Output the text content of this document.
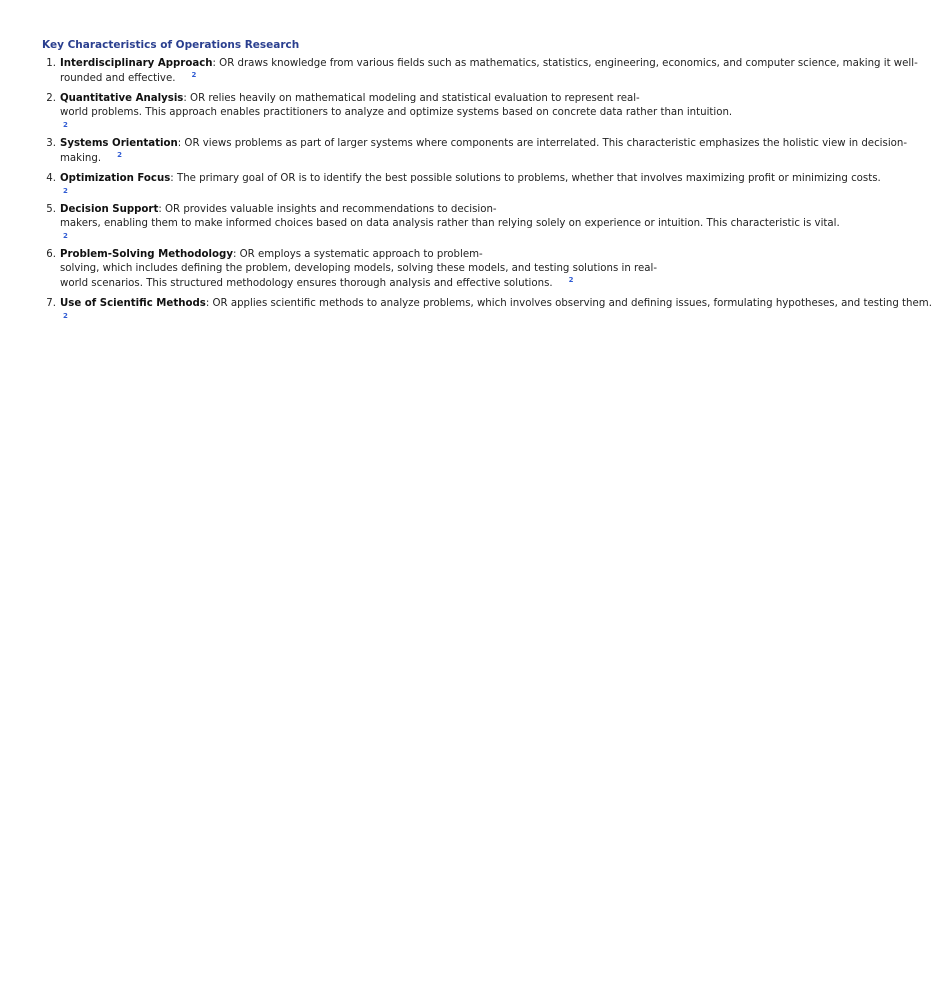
Key Characteristics of Operations Research
1. Interdisciplinary Approach: OR draws knowledge from various fields such as mathematics, statistics, engineering, economics, and computer science, making it well-
rounded and effective. 2
2. Quantitative Analysis: OR relies heavily on mathematical modeling and statistical evaluation to represent real-
world problems. This approach enables practitioners to analyze and optimize systems based on concrete data rather than intuition.
2
3. Systems Orientation: OR views problems as part of larger systems where components are interrelated. This characteristic emphasizes the holistic view in decision-
making. 2
4. Optimization Focus: The primary goal of OR is to identify the best possible solutions to problems, whether that involves maximizing profit or minimizing costs.
2
5. Decision Support: OR provides valuable insights and recommendations to decision-
makers, enabling them to make informed choices based on data analysis rather than relying solely on experience or intuition. This characteristic is vital.
2
6. Problem-Solving Methodology: OR employs a systematic approach to problem-
solving, which includes defining the problem, developing models, solving these models, and testing solutions in real-
world scenarios. This structured methodology ensures thorough analysis and effective solutions. 2
7. Use of Scientific Methods: OR applies scientific methods to analyze problems, which involves observing and defining issues, formulating hypotheses, and testing them.
2
